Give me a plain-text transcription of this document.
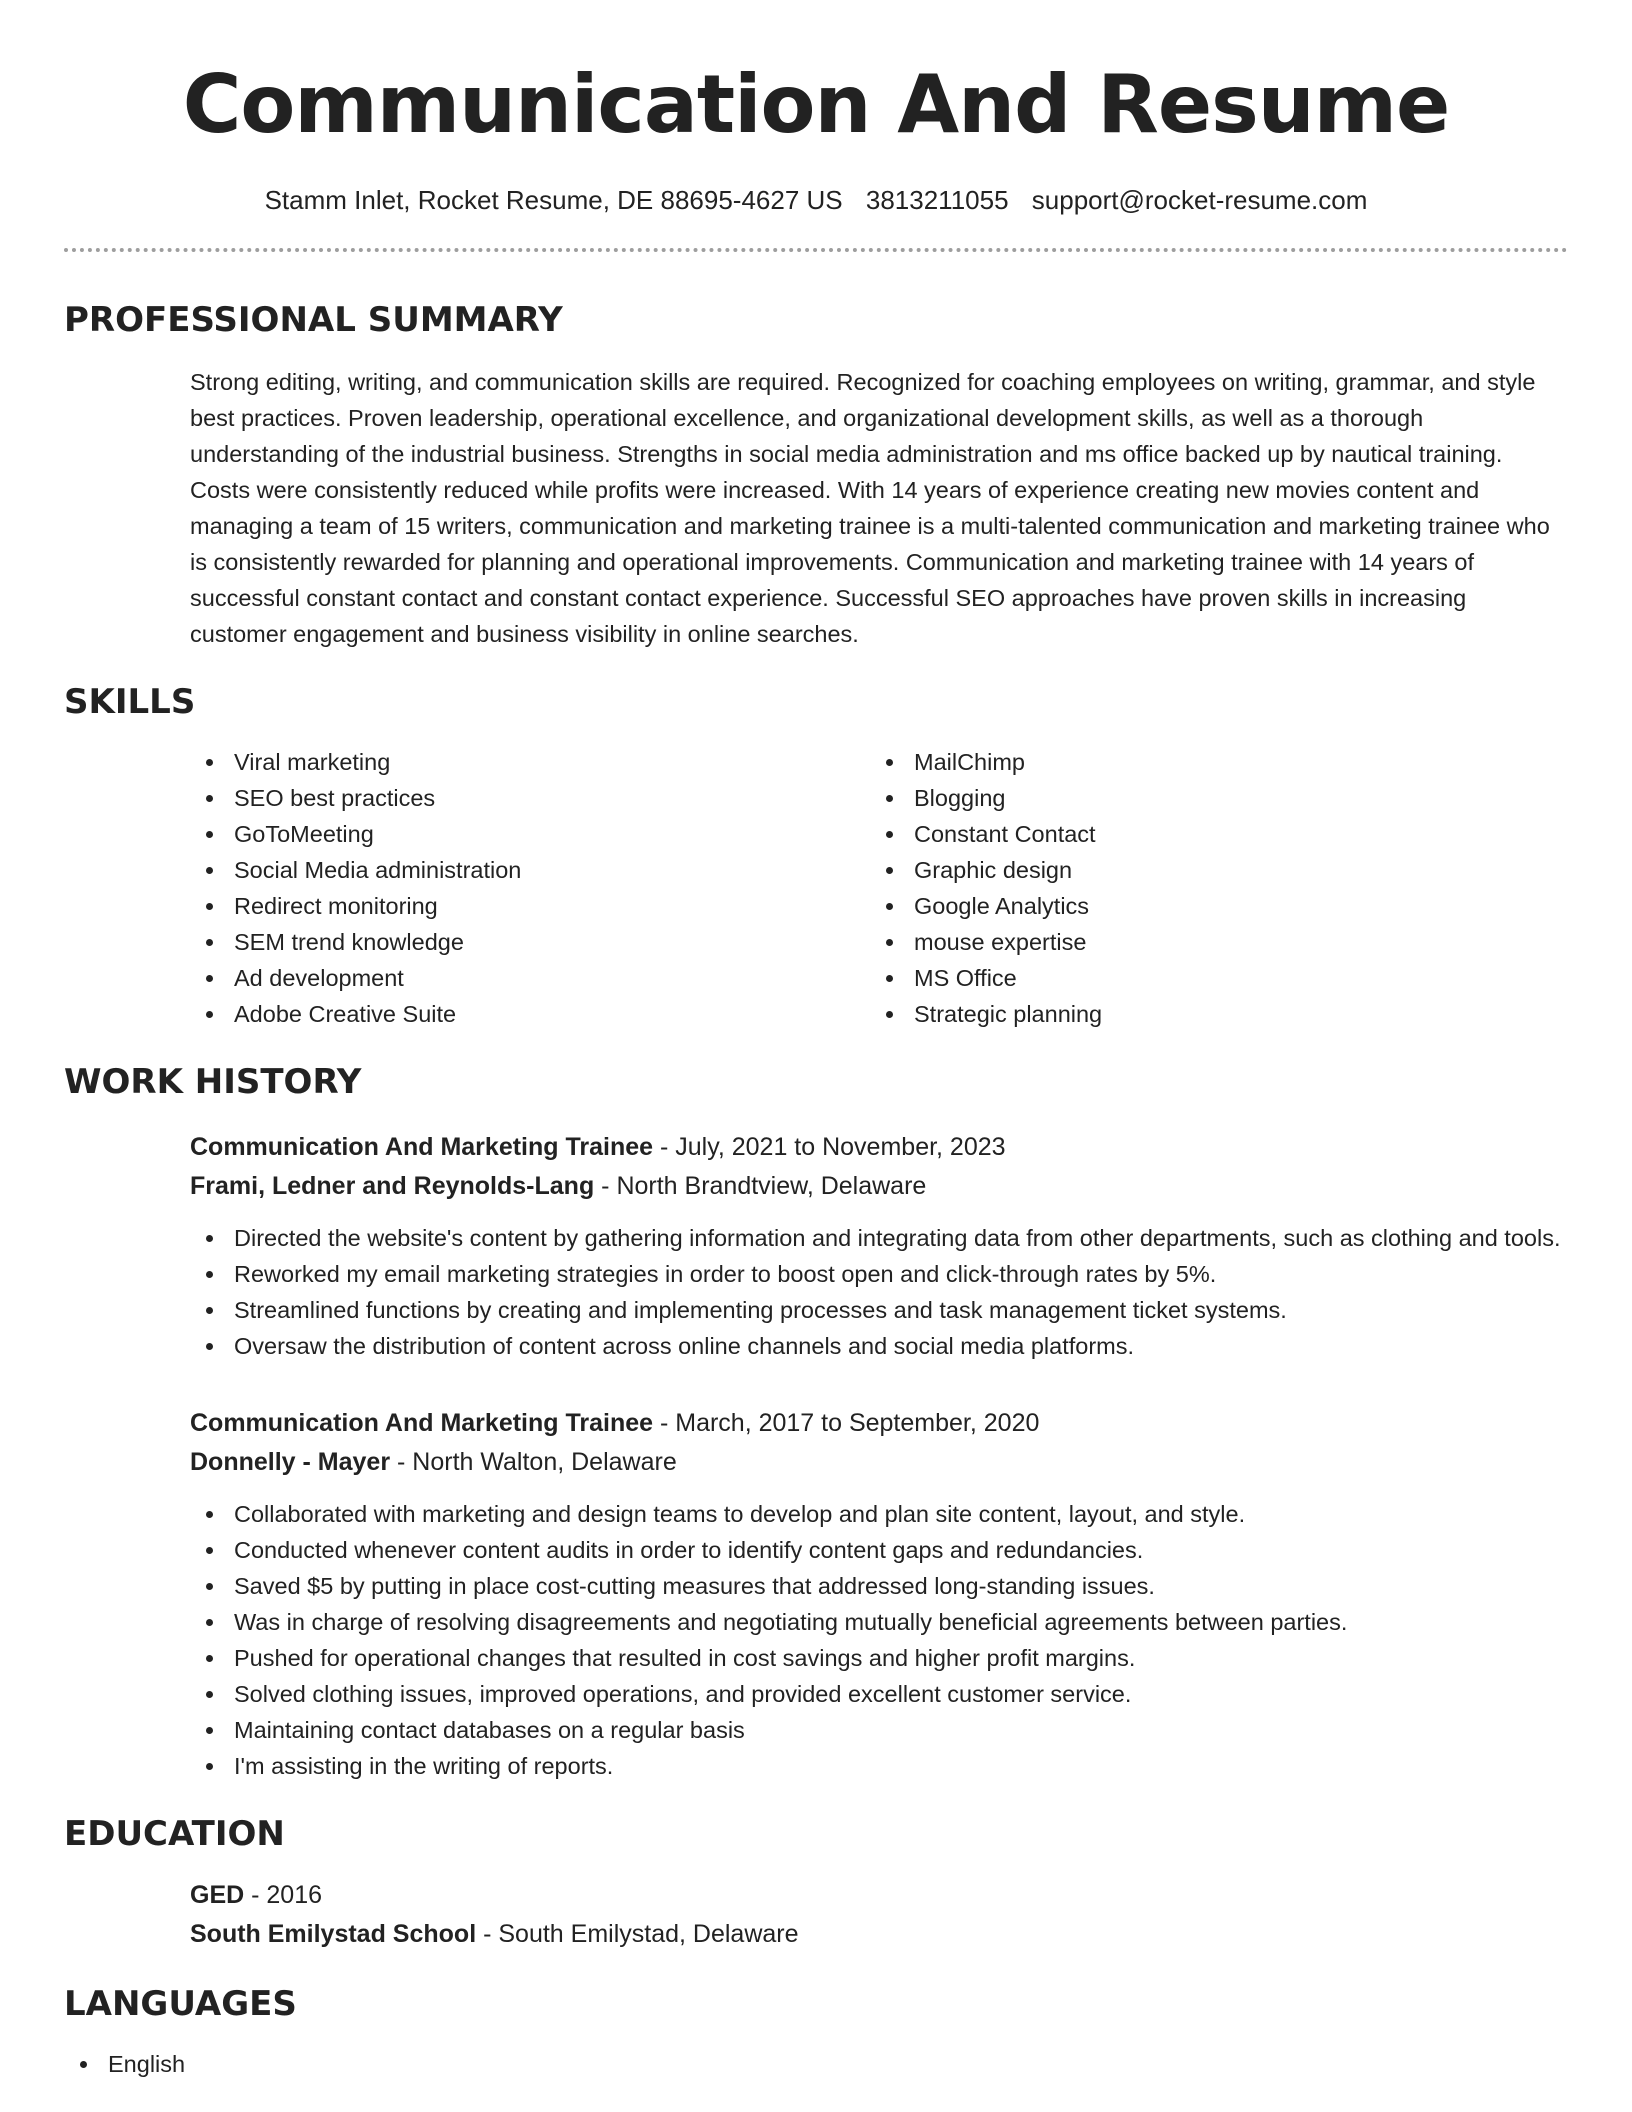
Communication And Resume
Stamm Inlet, Rocket Resume, DE 88695-4627 US 3813211055 support@rocket-resume.com
PROFESSIONAL SUMMARY

Strong editing, writing, and communication skills are required. Recognized for coaching employees on writing, grammar, and style best practices. Proven leadership, operational excellence, and organizational development skills, as well as a thorough understanding of the industrial business. Strengths in social media administration and ms office backed up by nautical training. Costs were consistently reduced while profits were increased. With 14 years of experience creating new movies content and managing a team of 15 writers, communication and marketing trainee is a multi-talented communication and marketing trainee who is consistently rewarded for planning and operational improvements. Communication and marketing trainee with 14 years of successful constant contact and constant contact experience. Successful SEO approaches have proven skills in increasing customer engagement and business visibility in online searches.

SKILLS
Viral marketing
SEO best practices
GoToMeeting
Social Media administration
Redirect monitoring
SEM trend knowledge
Ad development
Adobe Creative Suite
MailChimp
Blogging
Constant Contact
Graphic design
Google Analytics
mouse expertise
MS Office
Strategic planning
WORK HISTORY
Communication And Marketing Trainee - July, 2021 to November, 2023
Frami, Ledner and Reynolds-Lang - North Brandtview, Delaware
Directed the website's content by gathering information and integrating data from other departments, such as clothing and tools.
Reworked my email marketing strategies in order to boost open and click-through rates by 5%.
Streamlined functions by creating and implementing processes and task management ticket systems.
Oversaw the distribution of content across online channels and social media platforms.
Communication And Marketing Trainee - March, 2017 to September, 2020
Donnelly - Mayer - North Walton, Delaware
Collaborated with marketing and design teams to develop and plan site content, layout, and style.
Conducted whenever content audits in order to identify content gaps and redundancies.
Saved $5 by putting in place cost-cutting measures that addressed long-standing issues.
Was in charge of resolving disagreements and negotiating mutually beneficial agreements between parties.
Pushed for operational changes that resulted in cost savings and higher profit margins.
Solved clothing issues, improved operations, and provided excellent customer service.
Maintaining contact databases on a regular basis
I'm assisting in the writing of reports.
EDUCATION
GED - 2016
South Emilystad School - South Emilystad, Delaware
LANGUAGES
English
